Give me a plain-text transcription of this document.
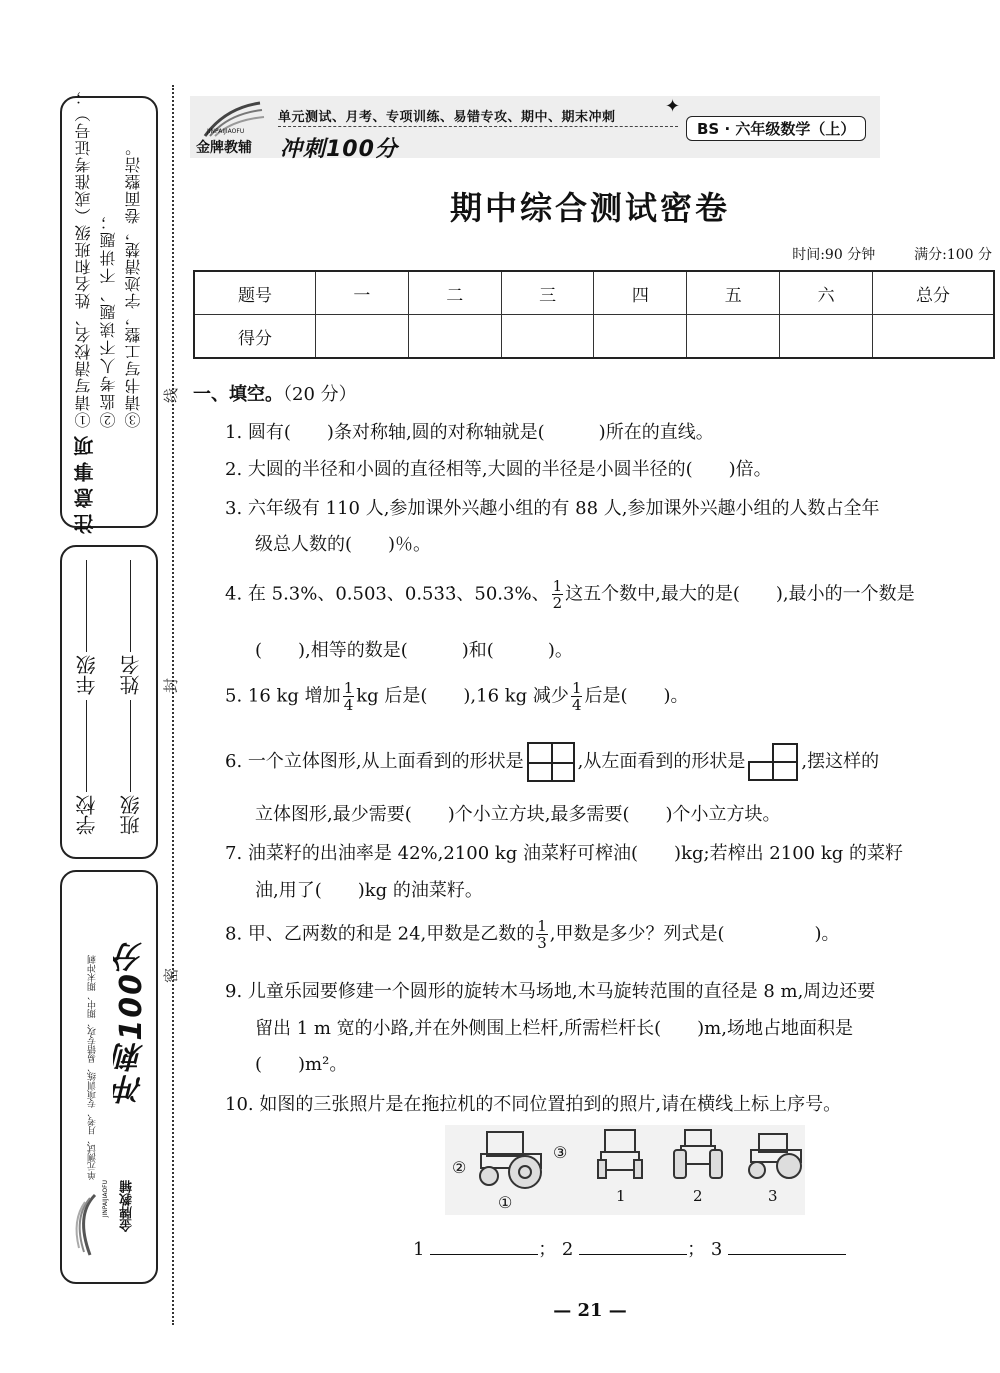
注意事项
①请写清校名、姓名和班级（或准考证号）； ②监考人不读题、不讲题； ③请书写工整，字迹清楚，卷面整洁。
学校
年级
班级
姓名
单元测试、月考、专项训练、易错专攻、期中、期末冲刺 冲刺100分
金牌教辅
JINPAIJIAOFU
线
封
密
JINPAIJIAOFU
金牌教辅 冲刺100分
单元测试、月考、专项训练、易错专攻、期中、期末冲刺
✦
BS · 六年级数学（上）
期中综合测试密卷
时间:90 分钟	满分:100 分
题号	一	二	三	四	五	六	总分
得分							
一、填空。（20 分）
1. 圆有(　　)条对称轴,圆的对称轴就是(　　　)所在的直线。
2. 大圆的半径和小圆的直径相等,大圆的半径是小圆半径的(　　)倍。
3. 六年级有 110 人,参加课外兴趣小组的有 88 人,参加课外兴趣小组的人数占全年
级总人数的(　　)％。
4. 在 5.3%、0.503、0.53̇3̇、50.3%、 $\frac{1}{2}$ 这五个数中,最大的是(　　),最小的一个数是
(　　),相等的数是(　　　)和(　　　)。
5. 16 kg 增加 $\frac{1}{4}$ kg 后是(　　),16 kg 减少 $\frac{1}{4}$ 后是(　　)。
6. 一个立体图形,从上面看到的形状是	,从左面看到的形状是	,摆这样的
立体图形,最少需要(　　)个小立方块,最多需要(　　)个小立方块。
7. 油菜籽的出油率是 42%,2100 kg 油菜籽可榨油(　　)kg;若榨出 2100 kg 的菜籽
油,用了(　　)kg 的油菜籽。
8. 甲、乙两数的和是 24,甲数是乙数的 $\frac{1}{3}$ ,甲数是多少？列式是(　　　　　)。
9. 儿童乐园要修建一个圆形的旋转木马场地,木马旋转范围的直径是 8 m,周边还要
留出 1 m 宽的小路,并在外侧围上栏杆,所需栏杆长(　　)m,场地占地面积是
(　　)m²。
10. 如图的三张照片是在拖拉机的不同位置拍到的照片,请在横线上标上序号。
②
③
①	1	2	3
1	； 2	； 3
— 21 —
